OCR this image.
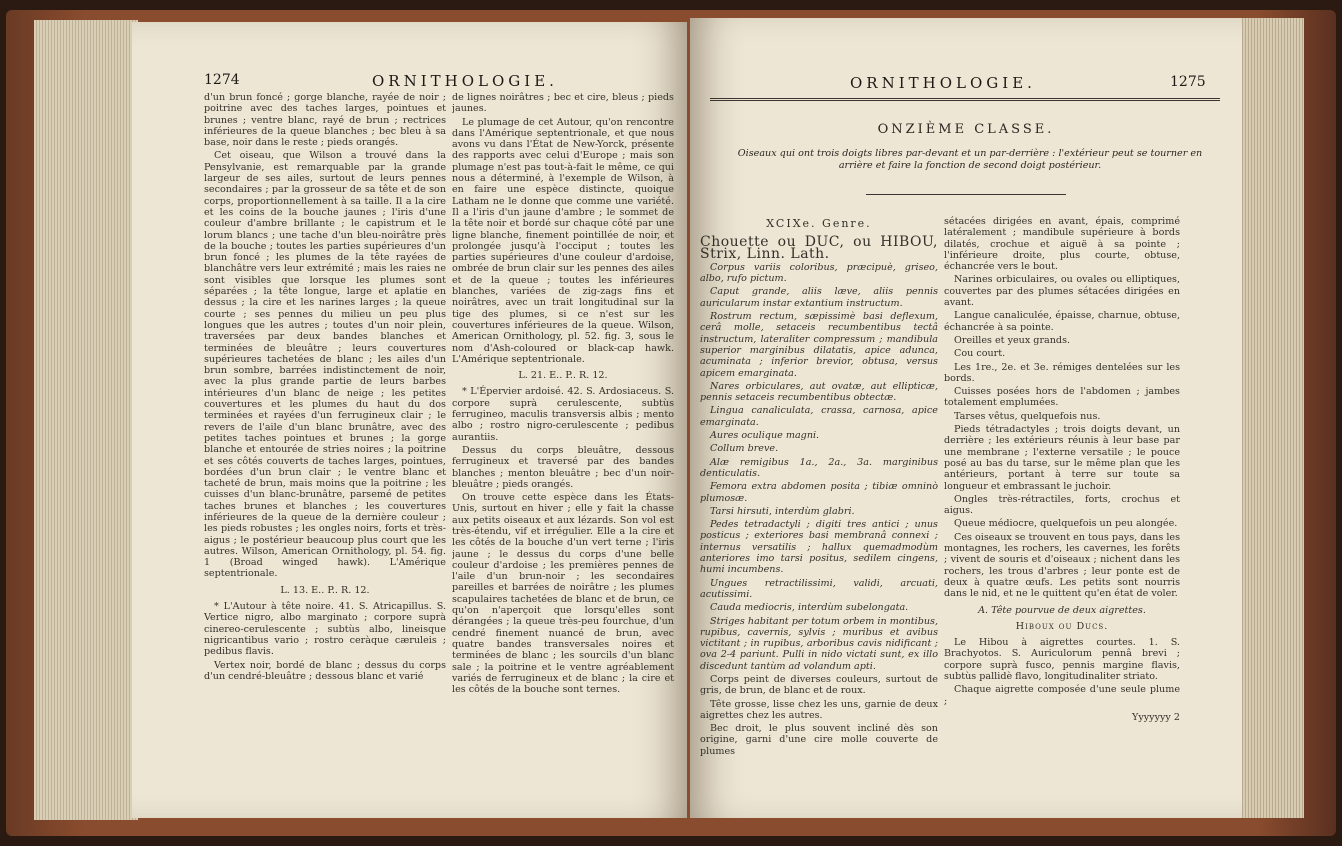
1274	ORNITHOLOGIE.

d'un brun foncé ; gorge blanche, rayée de noir ; poitrine avec des taches larges, pointues et brunes ; ventre blanc, rayé de brun ; rectrices inférieures de la queue blanches ; bec bleu à sa base, noir dans le reste ; pieds orangés.

Cet oiseau, que Wilson a trouvé dans la Pensylvanie, est remarquable par la grande largeur de ses ailes, surtout de leurs pennes secondaires ; par la grosseur de sa tête et de son corps, proportionnellement à sa taille. Il a la cire et les coins de la bouche jaunes ; l'iris d'une couleur d'ambre brillante ; le capistrum et le lorum blancs ; une tache d'un bleu-noirâtre près de la bouche ; toutes les parties supérieures d'un brun foncé ; les plumes de la tête rayées de blanchâtre vers leur extrémité ; mais les raies ne sont visibles que lorsque les plumes sont séparées ; la tête longue, large et aplatie en dessus ; la cire et les narines larges ; la queue courte ; ses pennes du milieu un peu plus longues que les autres ; toutes d'un noir plein, traversées par deux bandes blanches et terminées de bleuâtre ; leurs couvertures supérieures tachetées de blanc ; les ailes d'un brun sombre, barrées indistinctement de noir, avec la plus grande partie de leurs barbes intérieures d'un blanc de neige ; les petites couvertures et les plumes du haut du dos terminées et rayées d'un ferrugineux clair ; le revers de l'aile d'un blanc brunâtre, avec des petites taches pointues et brunes ; la gorge blanche et entourée de stries noires ; la poitrine et ses côtés couverts de taches larges, pointues, bordées d'un brun clair ; le ventre blanc et tacheté de brun, mais moins que la poitrine ; les cuisses d'un blanc-brunâtre, parsemé de petites taches brunes et blanches ; les couvertures inférieures de la queue de la dernière couleur ; les pieds robustes ; les ongles noirs, forts et très-aigus ; le postérieur beaucoup plus court que les autres. Wilson, American Ornithology, pl. 54. fig. 1 (Broad winged hawk). L'Amérique septentrionale.

L. 13. E.. P.. R. 12.

* L'Autour à tête noire. 41. S. Atricapillus. S. Vertice nigro, albo marginato ; corpore suprà cinereo-cerulescente ; subtùs albo, lineisque nigricantibus vario ; rostro ceràque cæruleis ; pedibus flavis.

Vertex noir, bordé de blanc ; dessus du corps d'un cendré-bleuâtre ; dessous blanc et varié

de lignes noirâtres ; bec et cire, bleus ; pieds jaunes.

Le plumage de cet Autour, qu'on rencontre dans l'Amérique septentrionale, et que nous avons vu dans l'État de New-Yorck, présente des rapports avec celui d'Europe ; mais son plumage n'est pas tout-à-fait le même, ce qui nous a déterminé, à l'exemple de Wilson, à en faire une espèce distincte, quoique Latham ne le donne que comme une variété. Il a l'iris d'un jaune d'ambre ; le sommet de la tête noir et bordé sur chaque côté par une ligne blanche, finement pointillée de noir, et prolongée jusqu'à l'occiput ; toutes les parties supérieures d'une couleur d'ardoise, ombrée de brun clair sur les pennes des ailes et de la queue ; toutes les inférieures blanches, variées de zig-zags fins et noirâtres, avec un trait longitudinal sur la tige des plumes, si ce n'est sur les couvertures inférieures de la queue. Wilson, American Ornithology, pl. 52. fig. 3, sous le nom d'Ash-coloured or black-cap hawk. L'Amérique septentrionale.

L. 21. E.. P.. R. 12.

* L'Épervier ardoisé. 42. S. Ardosiaceus. S. corpore suprà cerulescente, subtùs ferrugineo, maculis transversis albis ; mento albo ; rostro nigro-cerulescente ; pedibus aurantiis.

Dessus du corps bleuâtre, dessous ferrugineux et traversé par des bandes blanches ; menton bleuâtre ; bec d'un noir-bleuâtre ; pieds orangés.

On trouve cette espèce dans les États-Unis, surtout en hiver ; elle y fait la chasse aux petits oiseaux et aux lézards. Son vol est très-étendu, vif et irrégulier. Elle a la cire et les côtés de la bouche d'un vert terne ; l'iris jaune ; le dessus du corps d'une belle couleur d'ardoise ; les premières pennes de l'aile d'un brun-noir ; les secondaires pareilles et barrées de noirâtre ; les plumes scapulaires tachetées de blanc et de brun, ce qu'on n'aperçoit que lorsqu'elles sont dérangées ; la queue très-peu fourchue, d'un cendré finement nuancé de brun, avec quatre bandes transversales noires et terminées de blanc ; les sourcils d'un blanc sale ; la poitrine et le ventre agréablement variés de ferrugineux et de blanc ; la cire et les côtés de la bouche sont ternes.

ORNITHOLOGIE.	1275
ONZIÈME CLASSE.
Oiseaux qui ont trois doigts libres par-devant et un par-derrière : l'extérieur peut se tourner en arrière et faire la fonction de second doigt postérieur.
XCIXe. Genre.

Chouette ou DUC, ou HIBOU, Strix, Linn. Lath.

Corpus variis coloribus, præcipuè, griseo, albo, rufo pictum.

Caput grande, aliis læve, aliis pennis auricularum instar extantium instructum.

Rostrum rectum, sæpissimè basi deflexum, cerâ molle, setaceis recumbentibus tectâ instructum, lateraliter compressum ; mandibula superior marginibus dilatatis, apice adunca, acuminata ; inferior brevior, obtusa, versus apicem emarginata.

Nares orbiculares, aut ovatæ, aut ellipticæ, pennis setaceis recumbentibus obtectæ.

Lingua canaliculata, crassa, carnosa, apice emarginata.

Aures oculique magni.

Collum breve.

Alæ remigibus 1a., 2a., 3a. marginibus denticulatis.

Femora extra abdomen posita ; tibiæ omninò plumosæ.

Tarsi hirsuti, interdùm glabri.

Pedes tetradactyli ; digiti tres antici ; unus posticus ; exteriores basi membranâ connexi ; internus versatilis ; hallux quemadmodùm anteriores imo tarsi positus, sedilem cingens, humi incumbens.

Ungues retractilissimi, validi, arcuati, acutissimi.

Cauda mediocris, interdùm subelongata.

Striges habitant per totum orbem in montibus, rupibus, cavernis, sylvis ; muribus et avibus victitant ; in rupibus, arboribus cavis nidificant ; ova 2-4 pariunt. Pulli in nido victati sunt, ex illo discedunt tantùm ad volandum apti.

Corps peint de diverses couleurs, surtout de gris, de brun, de blanc et de roux.

Tête grosse, lisse chez les uns, garnie de deux aigrettes chez les autres.

Bec droit, le plus souvent incliné dès son origine, garni d'une cire molle couverte de plumes

sétacées dirigées en avant, épais, comprimé latéralement ; mandibule supérieure à bords dilatés, crochue et aiguë à sa pointe ; l'inférieure droite, plus courte, obtuse, échancrée vers le bout.

Narines orbiculaires, ou ovales ou elliptiques, couvertes par des plumes sétacées dirigées en avant.

Langue canaliculée, épaisse, charnue, obtuse, échancrée à sa pointe.

Oreilles et yeux grands.

Cou court.

Les 1re., 2e. et 3e. rémiges dentelées sur les bords.

Cuisses posées hors de l'abdomen ; jambes totalement emplumées.

Tarses vêtus, quelquefois nus.

Pieds tétradactyles ; trois doigts devant, un derrière ; les extérieurs réunis à leur base par une membrane ; l'externe versatile ; le pouce posé au bas du tarse, sur le même plan que les antérieurs, portant à terre sur toute sa longueur et embrassant le juchoir.

Ongles très-rétractiles, forts, crochus et aigus.

Queue médiocre, quelquefois un peu alongée.

Ces oiseaux se trouvent en tous pays, dans les montagnes, les rochers, les cavernes, les forêts ; vivent de souris et d'oiseaux ; nichent dans les rochers, les trous d'arbres ; leur ponte est de deux à quatre œufs. Les petits sont nourris dans le nid, et ne le quittent qu'en état de voler.

A. Tête pourvue de deux aigrettes.

Hiboux ou Ducs.

Le Hibou à aigrettes courtes. 1. S. Brachyotos. S. Auriculorum pennâ brevi ; corpore suprà fusco, pennis margine flavis, subtùs pallidè flavo, longitudinaliter striato.

Chaque aigrette composée d'une seule plume ;

Yyyyyyy 2
